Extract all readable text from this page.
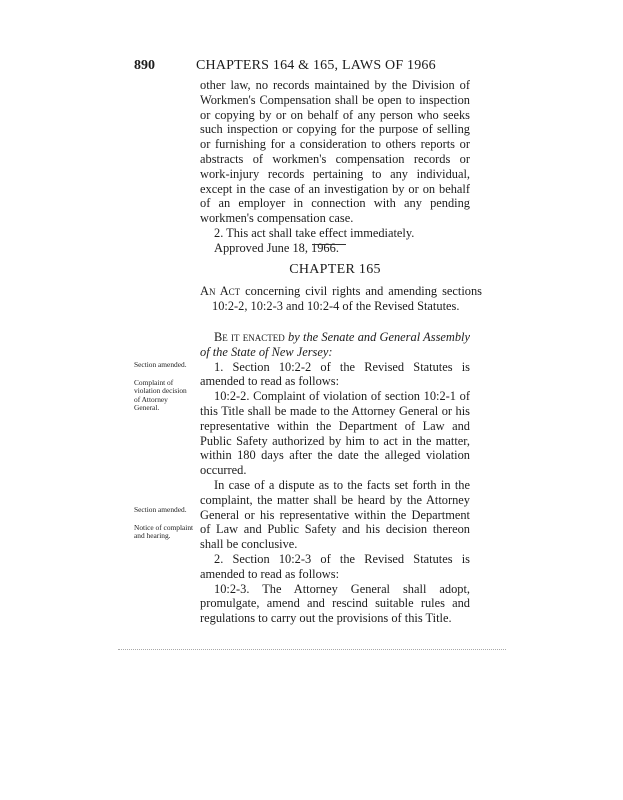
890	CHAPTERS 164 & 165, LAWS OF 1966

other law, no records maintained by the Division of Workmen's Compensation shall be open to inspection or copying by or on behalf of any person who seeks such inspection or copying for the purpose of selling or furnishing for a consideration to others reports or abstracts of workmen's compensation records or work-injury records pertaining to any individual, except in the case of an investigation by or on behalf of an employer in connection with any pending workmen's compensation case.

2. This act shall take effect immediately.

Approved June 18, 1966.

CHAPTER 165
An Act concerning civil rights and amending sections 10:2-2, 10:2-3 and 10:2-4 of the Revised Statutes.

Be it enacted by the Senate and General Assembly of the State of New Jersey:

1. Section 10:2-2 of the Revised Statutes is amended to read as follows:

10:2-2. Complaint of violation of section 10:2-1 of this Title shall be made to the Attorney General or his representative within the Department of Law and Public Safety authorized by him to act in the matter, within 180 days after the date the alleged violation occurred.

In case of a dispute as to the facts set forth in the complaint, the matter shall be heard by the Attorney General or his representative within the Department of Law and Public Safety and his decision thereon shall be conclusive.

2. Section 10:2-3 of the Revised Statutes is amended to read as follows:

10:2-3. The Attorney General shall adopt, promulgate, amend and rescind suitable rules and regulations to carry out the provisions of this Title.

Section amended.
Complaint of violation decision of Attorney General.
Section amended.
Notice of complaint and hearing.
